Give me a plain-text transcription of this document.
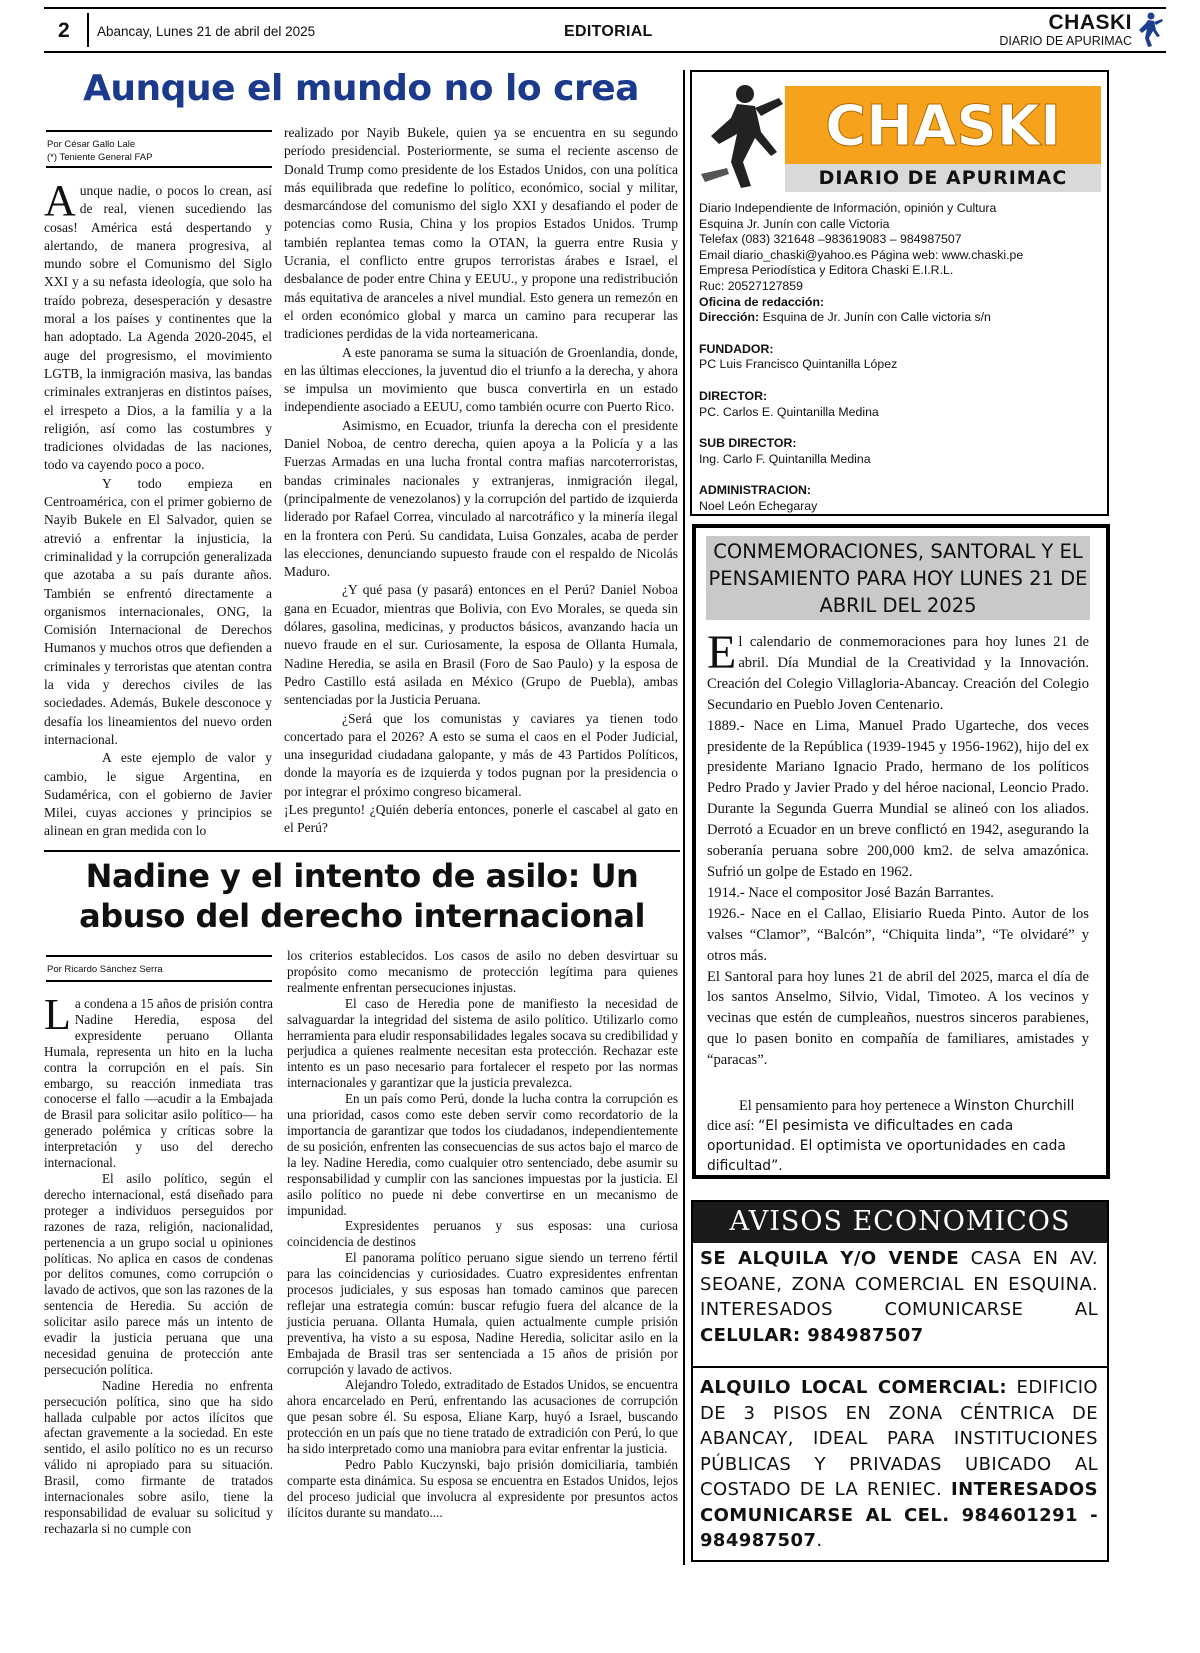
2 Abancay, Lunes 21 de abril del 2025	EDITORIAL	CHASKI
DIARIO DE APURIMAC
Aunque el mundo no lo crea
Por César Gallo Lale
(*) Teniente General FAP

Aunque nadie, o pocos lo crean, así de real, vienen sucediendo las cosas! América está despertando y alertando, de manera progresiva, al mundo sobre el Comunismo del Siglo XXI y a su nefasta ideología, que solo ha traído pobreza, desesperación y desastre moral a los países y continentes que la han adoptado. La Agenda 2020-2045, el auge del progresismo, el movimiento LGTB, la inmigración masiva, las bandas criminales extranjeras en distintos países, el irrespeto a Dios, a la familia y a la religión, así como las costumbres y tradiciones olvidadas de las naciones, todo va cayendo poco a poco.

Y todo empieza en Centroamérica, con el primer gobierno de Nayib Bukele en El Salvador, quien se atrevió a enfrentar la injusticia, la criminalidad y la corrupción generalizada que azotaba a su país durante años. También se enfrentó directamente a organismos internacionales, ONG, la Comisión Internacional de Derechos Humanos y muchos otros que defienden a criminales y terroristas que atentan contra la vida y derechos civiles de las sociedades. Además, Bukele desconoce y desafía los lineamientos del nuevo orden internacional.

A este ejemplo de valor y cambio, le sigue Argentina, en Sudamérica, con el gobierno de Javier Milei, cuyas acciones y principios se alinean en gran medida con lo

realizado por Nayib Bukele, quien ya se encuentra en su segundo período presidencial. Posteriormente, se suma el reciente ascenso de Donald Trump como presidente de los Estados Unidos, con una política más equilibrada que redefine lo político, económico, social y militar, desmarcándose del comunismo del siglo XXI y desafiando el poder de potencias como Rusia, China y los propios Estados Unidos. Trump también replantea temas como la OTAN, la guerra entre Rusia y Ucrania, el conflicto entre grupos terroristas árabes e Israel, el desbalance de poder entre China y EEUU., y propone una redistribución más equitativa de aranceles a nivel mundial. Esto genera un remezón en el orden económico global y marca un camino para recuperar las tradiciones perdidas de la vida norteamericana.

A este panorama se suma la situación de Groenlandia, donde, en las últimas elecciones, la juventud dio el triunfo a la derecha, y ahora se impulsa un movimiento que busca convertirla en un estado independiente asociado a EEUU, como también ocurre con Puerto Rico.

Asimismo, en Ecuador, triunfa la derecha con el presidente Daniel Noboa, de centro derecha, quien apoya a la Policía y a las Fuerzas Armadas en una lucha frontal contra mafias narcoterroristas, bandas criminales nacionales y extranjeras, inmigración ilegal, (principalmente de venezolanos) y la corrupción del partido de izquierda liderado por Rafael Correa, vinculado al narcotráfico y la minería ilegal en la frontera con Perú. Su candidata, Luisa Gonzales, acaba de perder las elecciones, denunciando supuesto fraude con el respaldo de Nicolás Maduro.

¿Y qué pasa (y pasará) entonces en el Perú? Daniel Noboa gana en Ecuador, mientras que Bolivia, con Evo Morales, se queda sin dólares, gasolina, medicinas, y productos básicos, avanzando hacia un nuevo fraude en el sur. Curiosamente, la esposa de Ollanta Humala, Nadine Heredia, se asila en Brasil (Foro de Sao Paulo) y la esposa de Pedro Castillo está asilada en México (Grupo de Puebla), ambas sentenciadas por la Justicia Peruana.

¿Será que los comunistas y caviares ya tienen todo concertado para el 2026? A esto se suma el caos en el Poder Judicial, una inseguridad ciudadana galopante, y más de 43 Partidos Políticos, donde la mayoría es de izquierda y todos pugnan por la presidencia o por integrar el próximo congreso bicameral.

¡Les pregunto! ¿Quién debería entonces, ponerle el cascabel al gato en el Perú?

Nadine y el intento de asilo: Un abuso del derecho internacional
Por Ricardo Sánchez Serra

La condena a 15 años de prisión contra Nadine Heredia, esposa del expresidente peruano Ollanta Humala, representa un hito en la lucha contra la corrupción en el país. Sin embargo, su reacción inmediata tras conocerse el fallo —acudir a la Embajada de Brasil para solicitar asilo político— ha generado polémica y críticas sobre la interpretación y uso del derecho internacional.

El asilo político, según el derecho internacional, está diseñado para proteger a individuos perseguidos por razones de raza, religión, nacionalidad, pertenencia a un grupo social u opiniones políticas. No aplica en casos de condenas por delitos comunes, como corrupción o lavado de activos, que son las razones de la sentencia de Heredia. Su acción de solicitar asilo parece más un intento de evadir la justicia peruana que una necesidad genuina de protección ante persecución política.

Nadine Heredia no enfrenta persecución política, sino que ha sido hallada culpable por actos ilícitos que afectan gravemente a la sociedad. En este sentido, el asilo político no es un recurso válido ni apropiado para su situación. Brasil, como firmante de tratados internacionales sobre asilo, tiene la responsabilidad de evaluar su solicitud y rechazarla si no cumple con

los criterios establecidos. Los casos de asilo no deben desvirtuar su propósito como mecanismo de protección legítima para quienes realmente enfrentan persecuciones injustas.

El caso de Heredia pone de manifiesto la necesidad de salvaguardar la integridad del sistema de asilo político. Utilizarlo como herramienta para eludir responsabilidades legales socava su credibilidad y perjudica a quienes realmente necesitan esta protección. Rechazar este intento es un paso necesario para fortalecer el respeto por las normas internacionales y garantizar que la justicia prevalezca.

En un país como Perú, donde la lucha contra la corrupción es una prioridad, casos como este deben servir como recordatorio de la importancia de garantizar que todos los ciudadanos, independientemente de su posición, enfrenten las consecuencias de sus actos bajo el marco de la ley. Nadine Heredia, como cualquier otro sentenciado, debe asumir su responsabilidad y cumplir con las sanciones impuestas por la justicia. El asilo político no puede ni debe convertirse en un mecanismo de impunidad.

Expresidentes peruanos y sus esposas: una curiosa coincidencia de destinos

El panorama político peruano sigue siendo un terreno fértil para las coincidencias y curiosidades. Cuatro expresidentes enfrentan procesos judiciales, y sus esposas han tomado caminos que parecen reflejar una estrategia común: buscar refugio fuera del alcance de la justicia peruana. Ollanta Humala, quien actualmente cumple prisión preventiva, ha visto a su esposa, Nadine Heredia, solicitar asilo en la Embajada de Brasil tras ser sentenciada a 15 años de prisión por corrupción y lavado de activos.

Alejandro Toledo, extraditado de Estados Unidos, se encuentra ahora encarcelado en Perú, enfrentando las acusaciones de corrupción que pesan sobre él. Su esposa, Eliane Karp, huyó a Israel, buscando protección en un país que no tiene tratado de extradición con Perú, lo que ha sido interpretado como una maniobra para evitar enfrentar la justicia.

Pedro Pablo Kuczynski, bajo prisión domiciliaria, también comparte esta dinámica. Su esposa se encuentra en Estados Unidos, lejos del proceso judicial que involucra al expresidente por presuntos actos ilícitos durante su mandato....

CHASKI
DIARIO DE APURIMAC
Diario Independiente de Información, opinión y Cultura
Esquina Jr. Junín con calle Victoria
Telefax (083) 321648 –983619083 – 984987507
Email diario_chaski@yahoo.es Página web: www.chaski.pe
Empresa Periodística y Editora Chaski E.I.R.L.
Ruc: 20527127859
Oficina de redacción:
Dirección: Esquina de Jr. Junín con Calle victoria s/n
FUNDADOR:
PC Luis Francisco Quintanilla López
DIRECTOR:
PC. Carlos E. Quintanilla Medina
SUB DIRECTOR:
Ing. Carlo F. Quintanilla Medina
ADMINISTRACION:
Noel León Echegaray
CONMEMORACIONES, SANTORAL Y EL PENSAMIENTO PARA HOY LUNES 21 DE ABRIL DEL 2025

El calendario de conmemoraciones para hoy lunes 21 de abril. Día Mundial de la Creatividad y la Innovación. Creación del Colegio Villagloria-Abancay. Creación del Colegio Secundario en Pueblo Joven Centenario.

1889.- Nace en Lima, Manuel Prado Ugarteche, dos veces presidente de la República (1939-1945 y 1956-1962), hijo del ex presidente Mariano Ignacio Prado, hermano de los políticos Pedro Prado y Javier Prado y del héroe nacional, Leoncio Prado. Durante la Segunda Guerra Mundial se alineó con los aliados. Derrotó a Ecuador en un breve conflictó en 1942, asegurando la soberanía peruana sobre 200,000 km2. de selva amazónica. Sufrió un golpe de Estado en 1962.

1914.- Nace el compositor José Bazán Barrantes.

1926.- Nace en el Callao, Elisiario Rueda Pinto. Autor de los valses “Clamor”, “Balcón”, “Chiquita linda”, “Te olvidaré” y otros más.

El Santoral para hoy lunes 21 de abril del 2025, marca el día de los santos Anselmo, Silvio, Vidal, Timoteo. A los vecinos y vecinas que estén de cumpleaños, nuestros sinceros parabienes, que lo pasen bonito en compañía de familiares, amistades y “paracas”.

El pensamiento para hoy pertenece a Winston Churchill
dice así: “El pesimista ve dificultades en cada oportunidad. El optimista ve oportunidades en cada dificultad”.
AVISOS ECONOMICOS
SE ALQUILA Y/O VENDE CASA EN AV. SEOANE, ZONA COMERCIAL EN ESQUINA. INTERESADOS COMUNICARSE AL CELULAR: 984987507
ALQUILO LOCAL COMERCIAL: EDIFICIO DE 3 PISOS EN ZONA CÉNTRICA DE ABANCAY, IDEAL PARA INSTITUCIONES PÚBLICAS Y PRIVADAS UBICADO AL COSTADO DE LA RENIEC. INTERESADOS COMUNICARSE AL CEL. 984601291 - 984987507.
